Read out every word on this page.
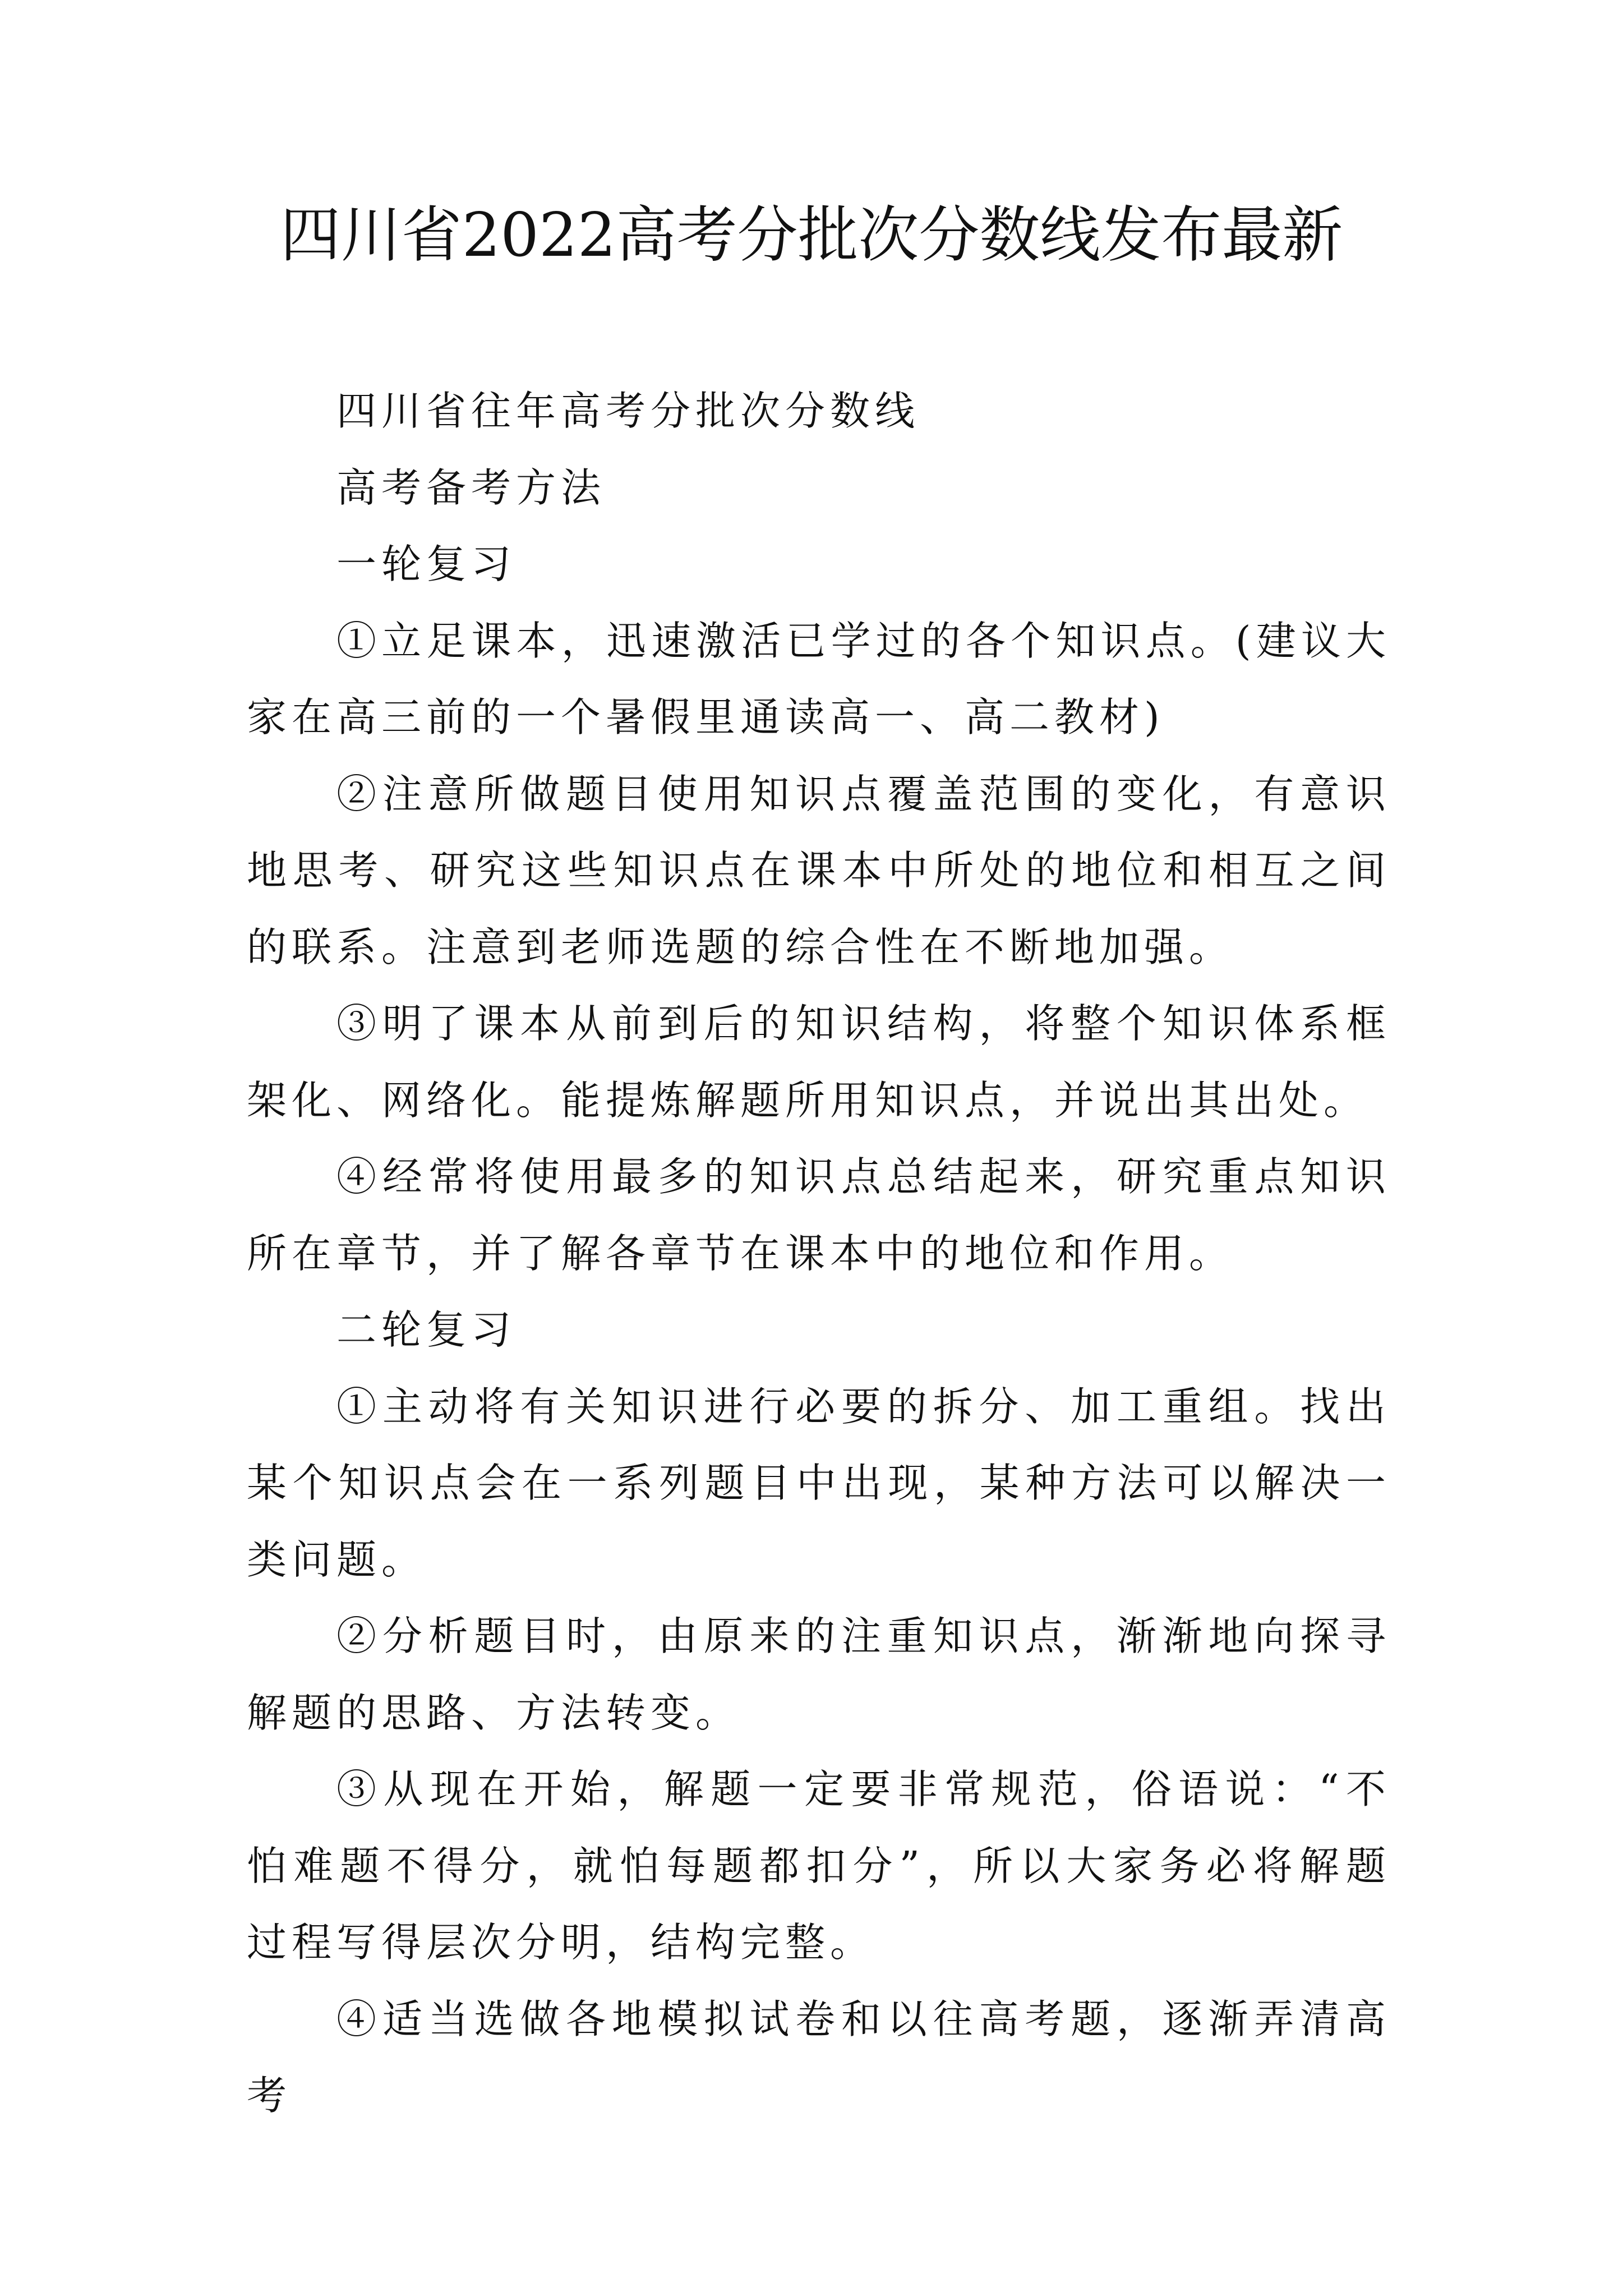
四川省2022高考分批次分数线发布最新

四川省往年高考分批次分数线

高考备考方法

一轮复习

①立足课本，迅速激活已学过的各个知识点。(建议大家在高三前的一个暑假里通读高一、高二教材)

②注意所做题目使用知识点覆盖范围的变化，有意识地思考、研究这些知识点在课本中所处的地位和相互之间的联系。注意到老师选题的综合性在不断地加强。

③明了课本从前到后的知识结构，将整个知识体系框架化、网络化。能提炼解题所用知识点，并说出其出处。

④经常将使用最多的知识点总结起来，研究重点知识所在章节，并了解各章节在课本中的地位和作用。

二轮复习

①主动将有关知识进行必要的拆分、加工重组。找出某个知识点会在一系列题目中出现，某种方法可以解决一类问题。

②分析题目时，由原来的注重知识点，渐渐地向探寻解题的思路、方法转变。

③从现在开始，解题一定要非常规范，俗语说：“不怕难题不得分，就怕每题都扣分”，所以大家务必将解题过程写得层次分明，结构完整。

④适当选做各地模拟试卷和以往高考题，逐渐弄清高考
